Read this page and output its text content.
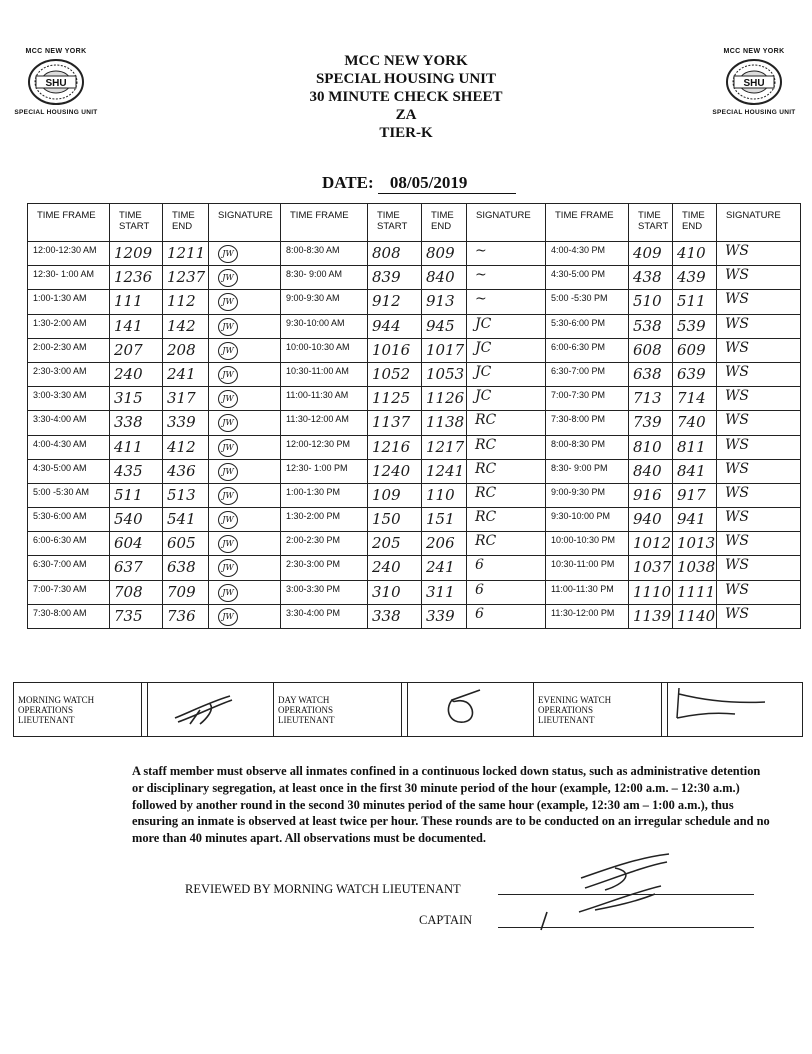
MCC NEW YORK
SHU
SPECIAL HOUSING UNIT
MCC NEW YORK
SHU
SPECIAL HOUSING UNIT
MCC NEW YORK
SPECIAL HOUSING UNIT
30 MINUTE CHECK SHEET
ZA
TIER-K
DATE: 08/05/2019
TIME FRAME	TIME START	TIME END	SIGNATURE	TIME FRAME	TIME START	TIME END	SIGNATURE	TIME FRAME	TIME START	TIME END	SIGNATURE
12:00-12:30 AM	1209	1211	JW	8:00-8:30 AM	808	809	~	4:00-4:30 PM	409	410	WS
12:30- 1:00 AM	1236	1237	JW	8:30- 9:00 AM	839	840	~	4:30-5:00 PM	438	439	WS
1:00-1:30 AM	111	112	JW	9:00-9:30 AM	912	913	~	5:00 -5:30 PM	510	511	WS
1:30-2:00 AM	141	142	JW	9:30-10:00 AM	944	945	JC	5:30-6:00 PM	538	539	WS
2:00-2:30 AM	207	208	JW	10:00-10:30 AM	1016	1017	JC	6:00-6:30 PM	608	609	WS
2:30-3:00 AM	240	241	JW	10:30-11:00 AM	1052	1053	JC	6:30-7:00 PM	638	639	WS
3:00-3:30 AM	315	317	JW	11:00-11:30 AM	1125	1126	JC	7:00-7:30 PM	713	714	WS
3:30-4:00 AM	338	339	JW	11:30-12:00 AM	1137	1138	RC	7:30-8:00 PM	739	740	WS
4:00-4:30 AM	411	412	JW	12:00-12:30 PM	1216	1217	RC	8:00-8:30 PM	810	811	WS
4:30-5:00 AM	435	436	JW	12:30- 1:00 PM	1240	1241	RC	8:30- 9:00 PM	840	841	WS
5:00 -5:30 AM	511	513	JW	1:00-1:30 PM	109	110	RC	9:00-9:30 PM	916	917	WS
5:30-6:00 AM	540	541	JW	1:30-2:00 PM	150	151	RC	9:30-10:00 PM	940	941	WS
6:00-6:30 AM	604	605	JW	2:00-2:30 PM	205	206	RC	10:00-10:30 PM	1012	1013	WS
6:30-7:00 AM	637	638	JW	2:30-3:00 PM	240	241	6	10:30-11:00 PM	1037	1038	WS
7:00-7:30 AM	708	709	JW	3:00-3:30 PM	310	311	6	11:00-11:30 PM	1110	1111	WS
7:30-8:00 AM	735	736	JW	3:30-4:00 PM	338	339	6	11:30-12:00 PM	1139	1140	WS
MORNING WATCH
OPERATIONS
LIEUTENANT

DAY WATCH
OPERATIONS
LIEUTENANT

EVENING WATCH
OPERATIONS
LIEUTENANT

A staff member must observe all inmates confined in a continuous locked down status, such as administrative detention or disciplinary segregation, at least once in the first 30 minute period of the hour (example, 12:00 a.m. – 12:30 a.m.) followed by another round in the second 30 minutes period of the same hour (example, 12:30 am – 1:00 a.m.), thus ensuring an inmate is observed at least twice per hour. These rounds are to be conducted on an irregular schedule and no more than 40 minutes apart. All observations must be documented.
REVIEWED BY MORNING WATCH LIEUTENANT
CAPTAIN
